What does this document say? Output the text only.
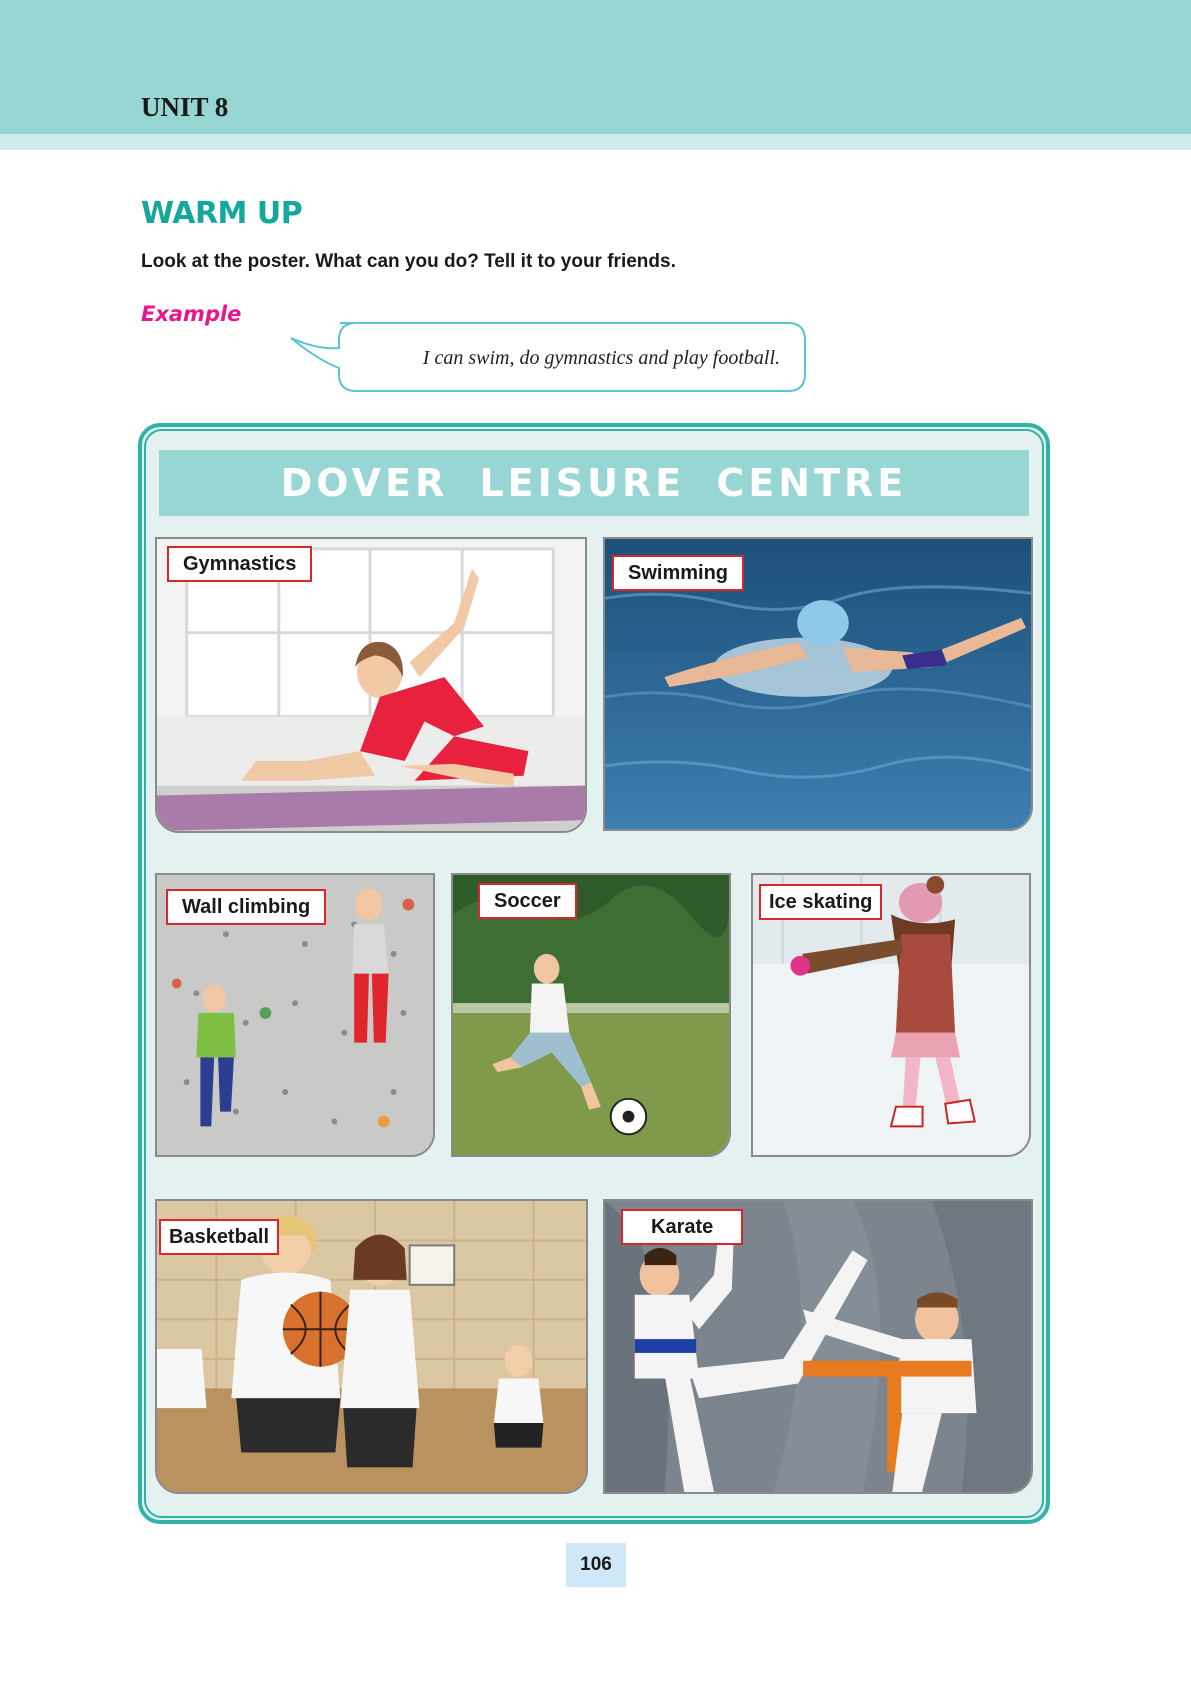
UNIT 8
WARM UP
Look at the poster. What can you do? Tell it to your friends.
Example
I can swim, do gymnastics and play football.
DOVER LEISURE CENTRE
Gymnastics	Swimming
Wall climbing	Soccer	Ice skating
Basketball	Karate
106
